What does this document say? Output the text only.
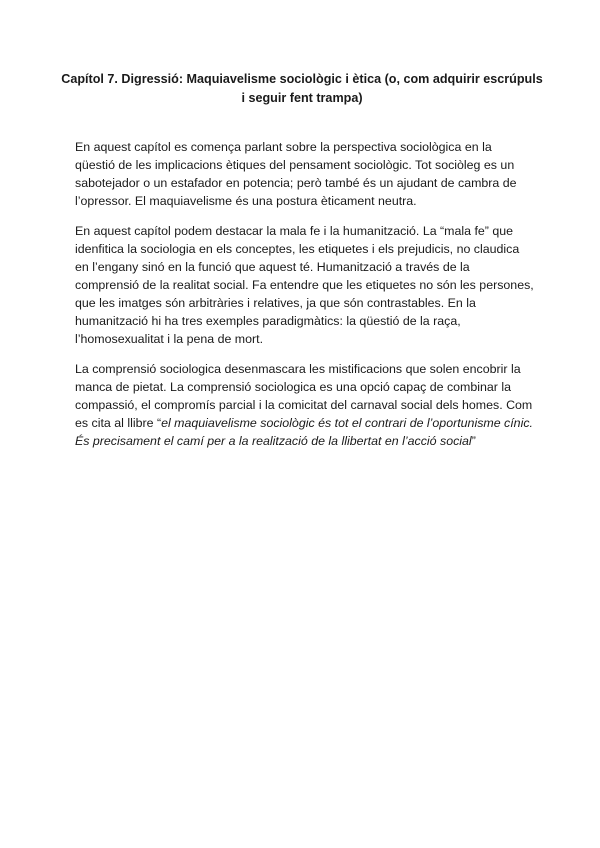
Capítol 7. Digressió: Maquiavelisme sociològic i ètica (o, com adquirir escrúpuls i seguir fent trampa)

En aquest capítol es comença parlant sobre la perspectiva sociològica en la qüestió de les implicacions ètiques del pensament sociològic. Tot sociòleg es un sabotejador o un estafador en potencia; però també és un ajudant de cambra de l’opressor. El maquiavelisme és una postura èticament neutra.

En aquest capítol podem destacar la mala fe i la humanització. La “mala fe” que idenfitica la sociologia en els conceptes, les etiquetes i els prejudicis, no claudica en l’engany sinó en la funció que aquest té. Humanització a través de la comprensió de la realitat social. Fa entendre que les etiquetes no són les persones, que les imatges són arbitràries i relatives, ja que són contrastables. En la humanització hi ha tres exemples paradigmàtics: la qüestió de la raça, l’homosexualitat i la pena de mort.

La comprensió sociologica desenmascara les mistificacions que solen encobrir la manca de pietat. La comprensió sociologica es una opció capaç de combinar la compassió, el compromís parcial i la comicitat del carnaval social dels homes. Com es cita al llibre “el maquiavelisme sociològic és tot el contrari de l’oportunisme cínic. És precisament el camí per a la realització de la llibertat en l’acció social”
